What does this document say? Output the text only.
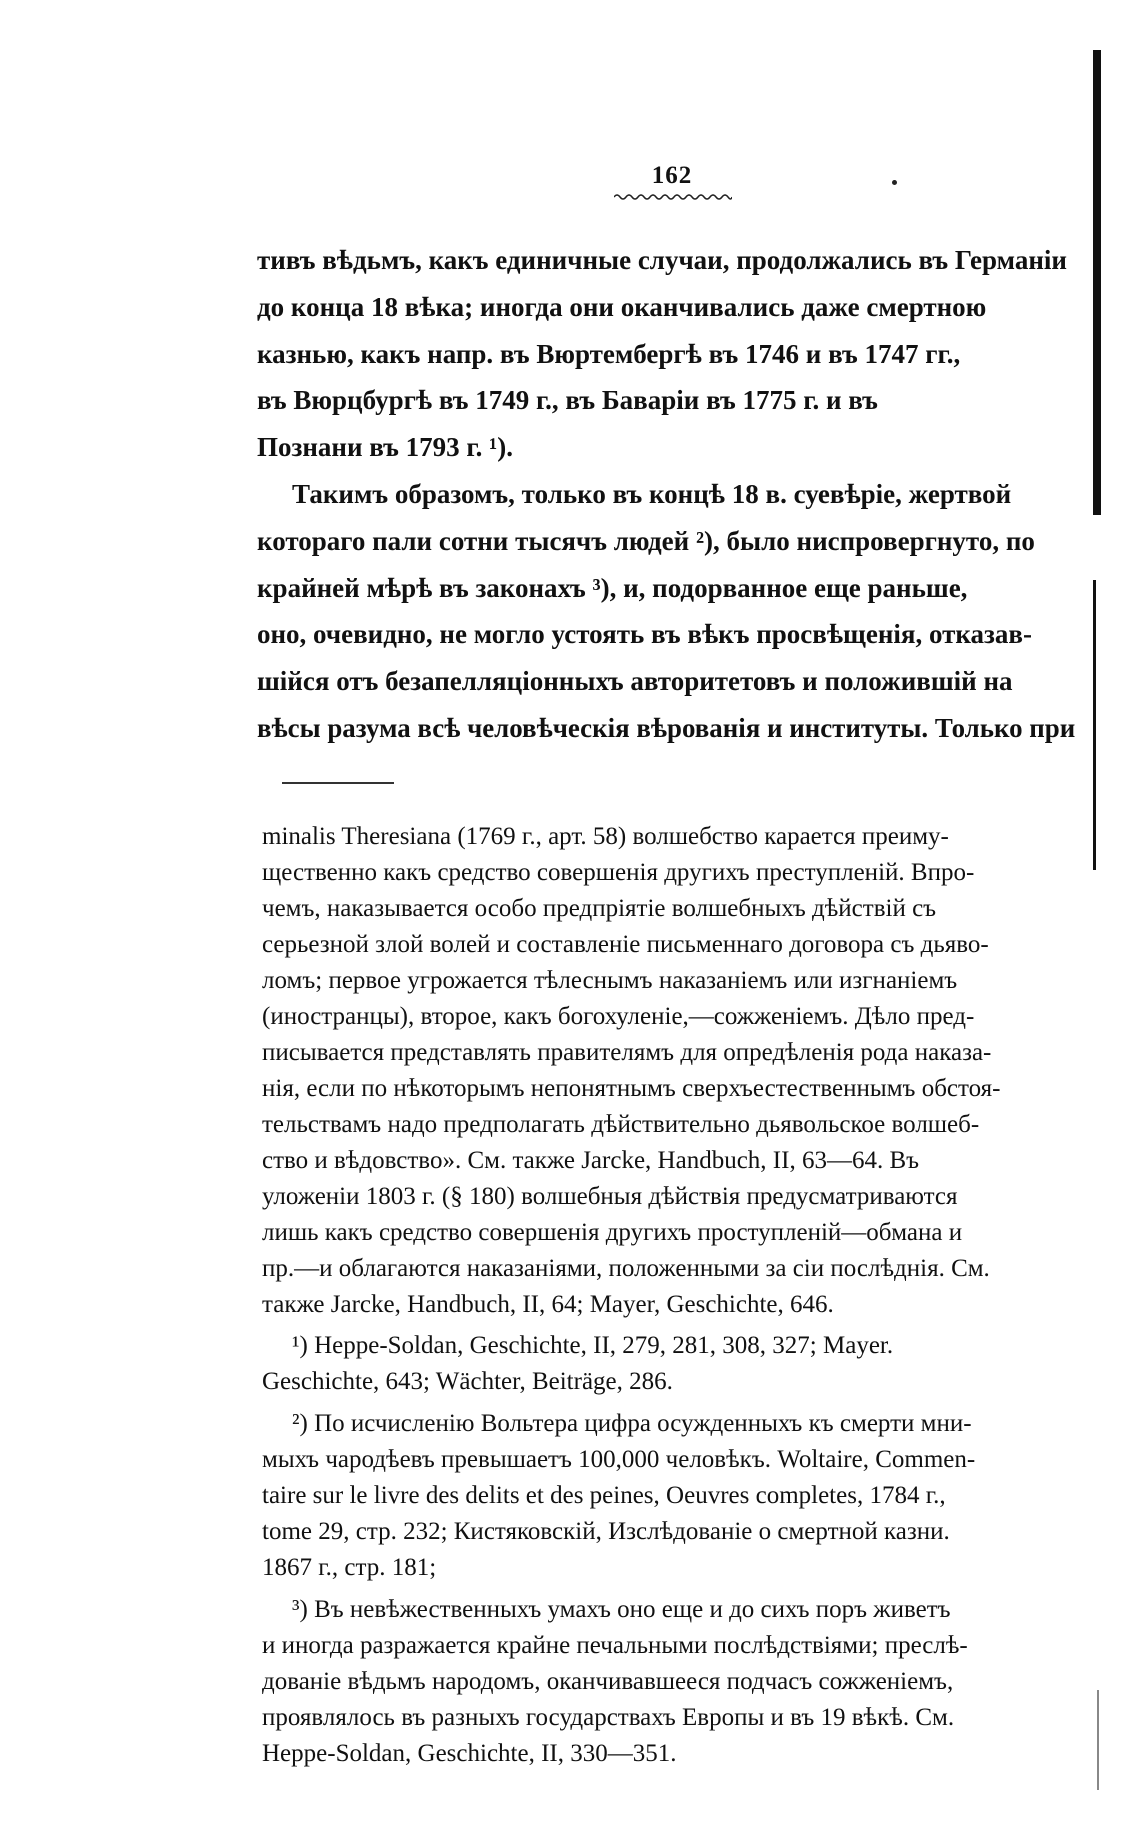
162
тивъ вѣдьмъ, какъ единичные случаи, продолжались въ Германіи
до конца 18 вѣка; иногда они оканчивались даже смертною
казнью, какъ напр. въ Вюртембергѣ въ 1746 и въ 1747 гг.,
въ Вюрцбургѣ въ 1749 г., въ Баваріи въ 1775 г. и въ
Познани въ 1793 г. ¹).
Такимъ образомъ, только въ концѣ 18 в. суевѣріе, жертвой
котораго пали сотни тысячъ людей ²), было ниспровергнуто, по
крайней мѣрѣ въ законахъ ³), и, подорванное еще раньше,
оно, очевидно, не могло устоять въ вѣкъ просвѣщенія, отказав-
шійся отъ безапелляціонныхъ авторитетовъ и положившій на
вѣсы разума всѣ человѣческія вѣрованія и институты. Только при
minalis Theresiana (1769 г., арт. 58) волшебство карается преиму-
щественно какъ средство совершенія другихъ преступленій. Впро-
чемъ, наказывается особо предпріятіе волшебныхъ дѣйствій съ
серьезной злой волей и составленіе письменнаго договора съ дьяво-
ломъ; первое угрожается тѣлеснымъ наказаніемъ или изгнаніемъ
(иностранцы), второе, какъ богохуленіе,—сожженіемъ. Дѣло пред-
писывается представлять правителямъ для опредѣленія рода наказа-
нія, если по нѣкоторымъ непонятнымъ сверхъестественнымъ обстоя-
тельствамъ надо предполагать дѣйствительно дьявольское волшеб-
ство и вѣдовство». См. также Jarcke, Handbuch, II, 63—64. Въ
уложеніи 1803 г. (§ 180) волшебныя дѣйствія предусматриваются
лишь какъ средство совершенія другихъ проступленій—обмана и
пр.—и облагаются наказаніями, положенными за сіи послѣднія. См.
также Jarcke, Handbuch, II, 64; Mayer, Geschichte, 646.
¹) Heppe-Soldan, Geschichte, II, 279, 281, 308, 327; Mayer.
Geschichte, 643; Wächter, Beiträge, 286.
²) По исчисленію Вольтера цифра осужденныхъ къ смерти мни-
мыхъ чародѣевъ превышаетъ 100,000 человѣкъ. Woltaire, Commen-
taire sur le livre des delits et des peines, Oeuvres completes, 1784 г.,
tome 29, стр. 232; Кистяковскій, Изслѣдованіе о смертной казни.
1867 г., стр. 181;
³) Въ невѣжественныхъ умахъ оно еще и до сихъ поръ живетъ
и иногда разражается крайне печальными послѣдствіями; преслѣ-
дованіе вѣдьмъ народомъ, оканчивавшееся подчасъ сожженіемъ,
проявлялось въ разныхъ государствахъ Европы и въ 19 вѣкѣ. См.
Heppe-Soldan, Geschichte, II, 330—351.
